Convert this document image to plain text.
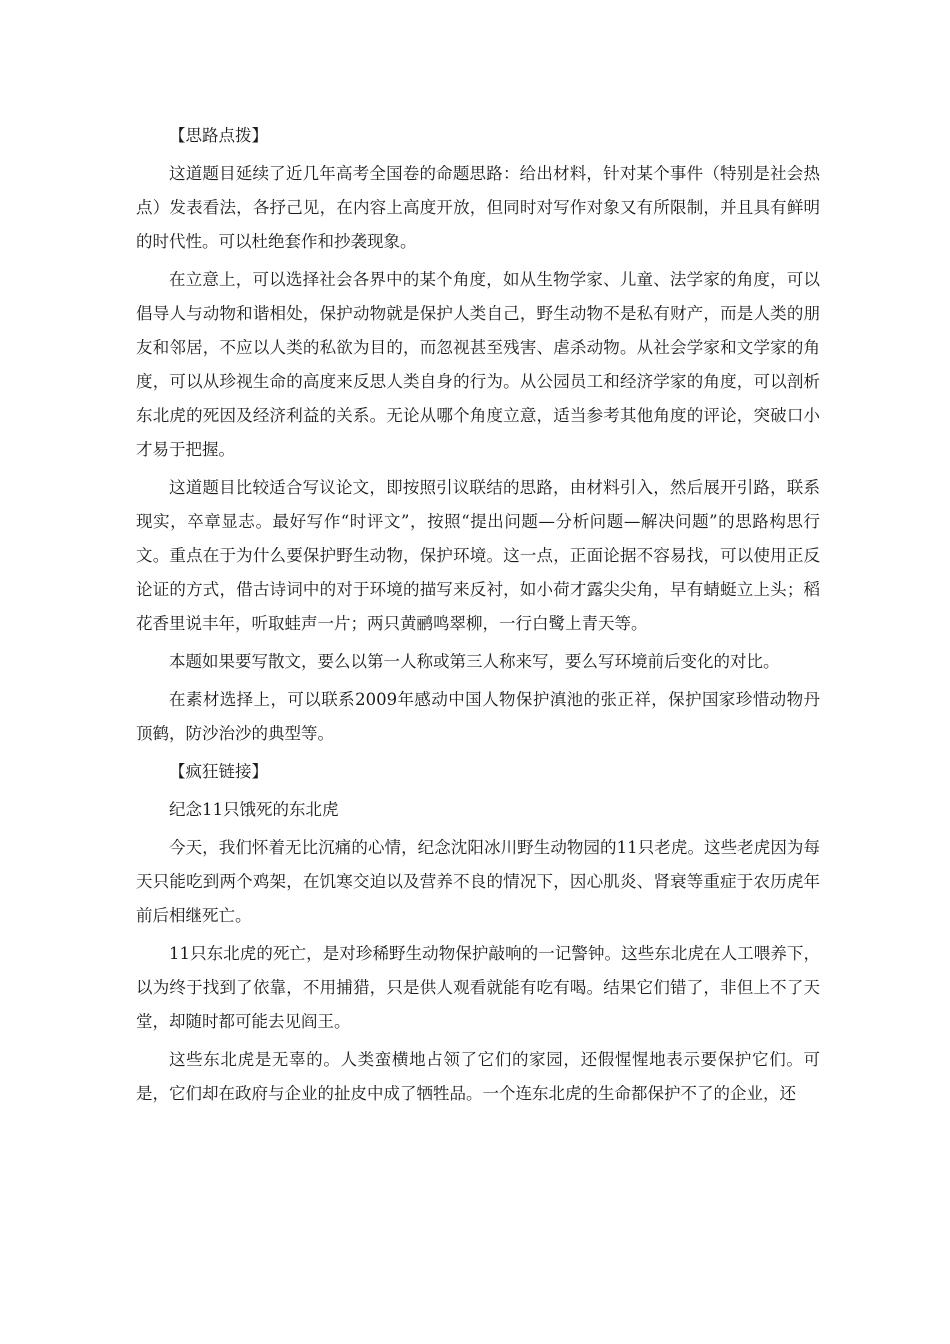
【思路点拨】

这道题目延续了近几年高考全国卷的命题思路：给出材料，针对某个事件（特别是社会热点）发表看法，各抒己见，在内容上高度开放，但同时对写作对象又有所限制，并且具有鲜明的时代性。可以杜绝套作和抄袭现象。

在立意上，可以选择社会各界中的某个角度，如从生物学家、儿童、法学家的角度，可以倡导人与动物和谐相处，保护动物就是保护人类自己，野生动物不是私有财产，而是人类的朋友和邻居，不应以人类的私欲为目的，而忽视甚至残害、虐杀动物。从社会学家和文学家的角度，可以从珍视生命的高度来反思人类自身的行为。从公园员工和经济学家的角度，可以剖析东北虎的死因及经济利益的关系。无论从哪个角度立意，适当参考其他角度的评论，突破口小才易于把握。

这道题目比较适合写议论文，即按照引议联结的思路，由材料引入，然后展开引路，联系现实，卒章显志。最好写作“时评文”，按照“提出问题—分析问题—解决问题”的思路构思行文。重点在于为什么要保护野生动物，保护环境。这一点，正面论据不容易找，可以使用正反论证的方式，借古诗词中的对于环境的描写来反衬，如小荷才露尖尖角，早有蜻蜓立上头；稻花香里说丰年，听取蛙声一片；两只黄鹂鸣翠柳，一行白鹭上青天等。

本题如果要写散文，要么以第一人称或第三人称来写，要么写环境前后变化的对比。

在素材选择上，可以联系2009年感动中国人物保护滇池的张正祥，保护国家珍惜动物丹顶鹤，防沙治沙的典型等。

【疯狂链接】

纪念11只饿死的东北虎

今天，我们怀着无比沉痛的心情，纪念沈阳冰川野生动物园的11只老虎。这些老虎因为每天只能吃到两个鸡架，在饥寒交迫以及营养不良的情况下，因心肌炎、肾衰等重症于农历虎年前后相继死亡。

11只东北虎的死亡，是对珍稀野生动物保护敲响的一记警钟。这些东北虎在人工喂养下，以为终于找到了依靠，不用捕猎，只是供人观看就能有吃有喝。结果它们错了，非但上不了天堂，却随时都可能去见阎王。

这些东北虎是无辜的。人类蛮横地占领了它们的家园，还假惺惺地表示要保护它们。可是，它们却在政府与企业的扯皮中成了牺牲品。一个连东北虎的生命都保护不了的企业，还
